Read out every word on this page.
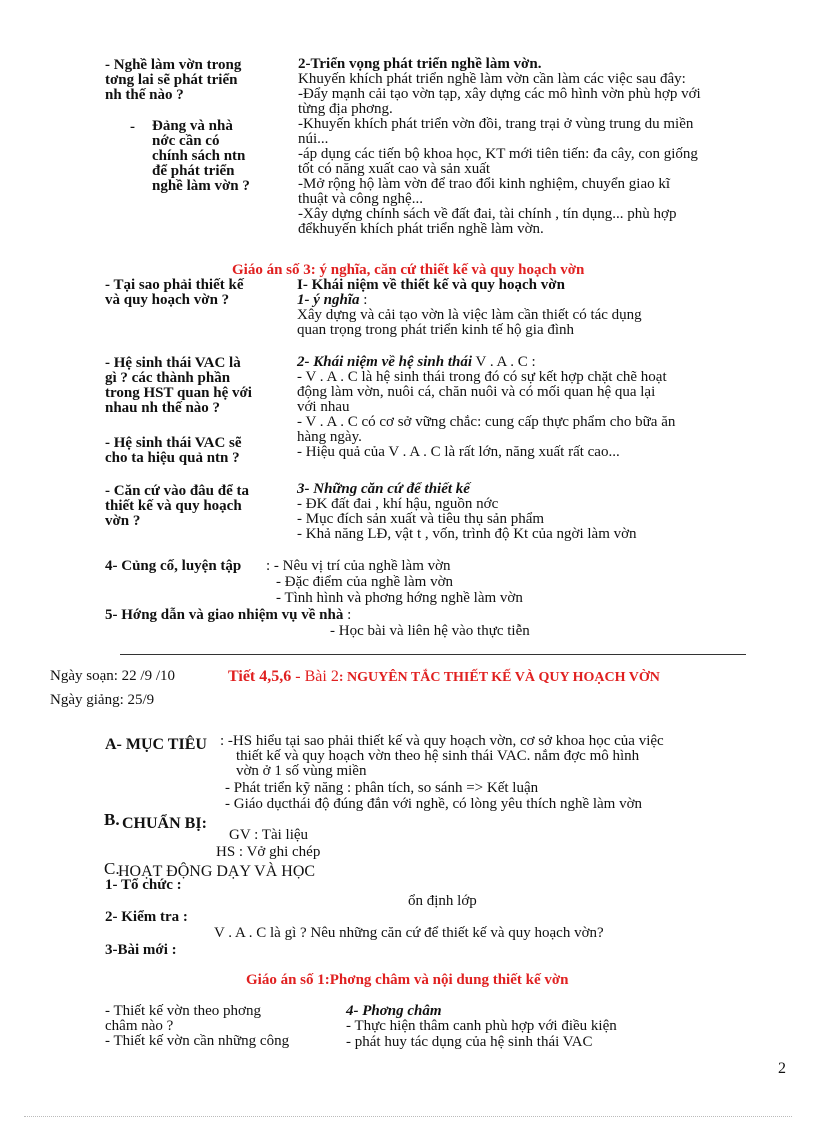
- Nghề làm vờn trong
tơng lai sẽ phát triển
nh thế nào ?
- Đảng và nhà
nớc cần có
chính sách ntn
để phát triển
nghề làm vờn ?
2-Triển vọng phát triển nghề làm vờn.
Khuyến khích phát triển nghề làm vờn cần làm các việc sau đây:
-Đẩy mạnh cải tạo vờn tạp, xây dựng các mô hình vờn phù hợp với
từng địa phơng.
-Khuyến khích phát triển vờn đồi, trang trại ở vùng trung du miền
núi...
-áp dụng các tiến bộ khoa học, KT mới tiên tiến: đa cây, con giống
tốt có năng xuất cao và sản xuất
-Mở rộng hộ làm vờn để trao đổi kinh nghiệm, chuyển giao kĩ
thuật và công nghệ...
-Xây dựng chính sách về đất đai, tài chính , tín dụng... phù hợp
đểkhuyến khích phát triển nghề làm vờn.
Giáo án số 3: ý nghĩa, căn cứ thiết kế và quy hoạch vờn
- Tại sao phải thiết kế
và quy hoạch vờn ?
I- Khái niệm về thiết kế và quy hoạch vờn
1- ý nghĩa :
Xây dựng và cải tạo vờn là việc làm cần thiết có tác dụng
quan trọng trong phát triển kinh tế hộ gia đình
- Hệ sinh thái VAC là
gì ? các thành phần
trong HST quan hệ với
nhau nh thế nào ?
- Hệ sinh thái VAC sẽ
cho ta hiệu quả ntn ?
2- Khái niệm về hệ sinh thái V . A . C :
- V . A . C là hệ sinh thái trong đó có sự kết hợp chặt chẽ hoạt
động làm vờn, nuôi cá, chăn nuôi và có mối quan hệ qua lại
với nhau
- V . A . C có cơ sở vững chắc: cung cấp thực phẩm cho bữa ăn
hàng ngày.
- Hiệu quả của V . A . C là rất lớn, năng xuất rất cao...
- Căn cứ vào đâu để ta
thiết kế và quy hoạch
vờn ?
3- Những căn cứ để thiết kế
- ĐK đất đai , khí hậu, nguồn nớc
- Mục đích sản xuất và tiêu thụ sản phẩm
- Khả năng LĐ, vật t , vốn, trình độ Kt của ngời làm vờn
4- Củng cố, luyện tập : - Nêu vị trí của nghề làm vờn
- Đặc điểm của nghề làm vờn
- Tình hình và phơng hớng nghề làm vờn
5- Hớng dẫn và giao nhiệm vụ về nhà :
- Học bài và liên hệ vào thực tiễn
Ngày soạn: 22 /9 /10
Ngày giảng: 25/9
Tiết 4,5,6 - Bài 2: NGUYÊN TẮC THIẾT KẾ VÀ QUY HOẠCH VỜN
A- MỤC TIÊU : -HS hiểu tại sao phải thiết kế và quy hoạch vờn, cơ sở khoa học của việc
thiết kế và quy hoạch vờn theo hệ sinh thái VAC. nắm đợc mô hình
vờn ở 1 số vùng miền
- Phát triển kỹ năng : phân tích, so sánh => Kết luận
- Giáo dụcthái độ đúng đắn với nghề, có lòng yêu thích nghề làm vờn
B. CHUẨN BỊ:
GV : Tài liệu
HS : Vở ghi chép
C.
HOẠT ĐỘNG DẠY VÀ HỌC
1- Tổ chức :
ổn định lớp
2- Kiểm tra :
V . A . C là gì ? Nêu những căn cứ để thiết kế và quy hoạch vờn?
3-Bài mới :
Giáo án số 1:Phơng châm và nội dung thiết kế vờn
- Thiết kế vờn theo phơng
châm nào ?
- Thiết kế vờn cần những công
4- Phơng châm
- Thực hiện thâm canh phù hợp với điều kiện
- phát huy tác dụng của hệ sinh thái VAC
2
